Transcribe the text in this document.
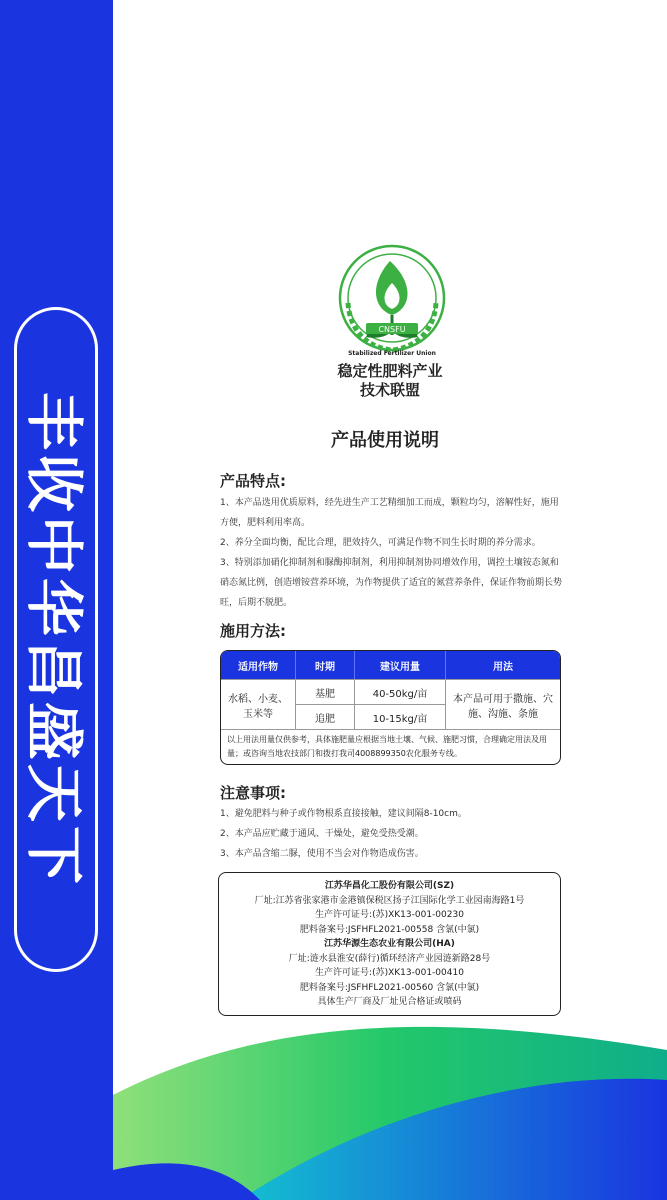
丰收中华昌盛天下
CNSFU
Stabilized Fertilizer Union
稳定性肥料产业
技术联盟
产品使用说明
产品特点:
1、本产品选用优质原料，经先进生产工艺精细加工而成，颗粒均匀，溶解性好，施用方便，肥料利用率高。
2、养分全面均衡，配比合理，肥效持久，可满足作物不同生长时期的养分需求。
3、特别添加硝化抑制剂和脲酶抑制剂，利用抑制剂协同增效作用，调控土壤铵态氮和硝态氮比例，创造增铵营养环境，为作物提供了适宜的氮营养条件，保证作物前期长势旺，后期不脱肥。
施用方法:
适用作物	时期	建议用量	用法
水稻、小麦、玉米等	基肥	40-50kg/亩	本产品可用于撒施、穴施、沟施、条施
	追肥	10-15kg/亩	
以上用法用量仅供参考，具体施肥量应根据当地土壤、气候、施肥习惯，合理确定用法及用量；或咨询当地农技部门和拨打我司4008899350农化服务专线。			
注意事项:
1、避免肥料与种子或作物根系直接接触，建议间隔8-10cm。
2、本产品应贮藏于通风、干燥处，避免受热受潮。
3、本产品含缩二脲，使用不当会对作物造成伤害。
江苏华昌化工股份有限公司(SZ)
厂址:江苏省张家港市金港镇保税区扬子江国际化学工业园南海路1号
生产许可证号:(苏)XK13-001-00230
肥料备案号:JSFHFL2021-00558 含氯(中氯)
江苏华源生态农业有限公司(HA)
厂址:涟水县淮安(薛行)循环经济产业园涟新路28号
生产许可证号:(苏)XK13-001-00410
肥料备案号:JSFHFL2021-00560 含氯(中氯)
具体生产厂商及厂址见合格证或喷码
